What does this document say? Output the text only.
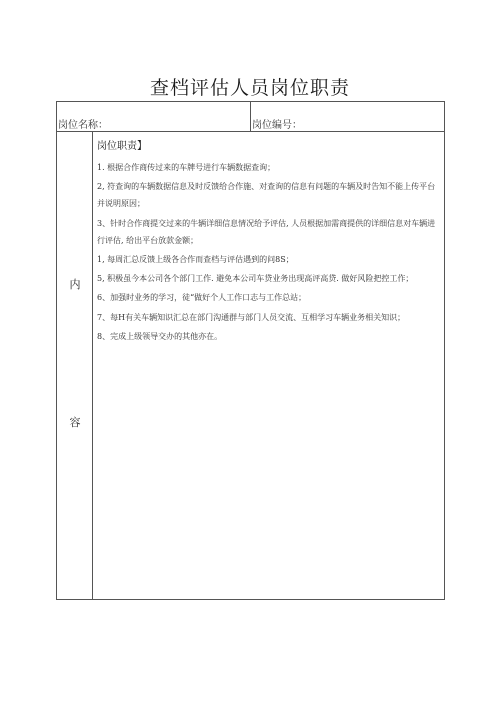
查档评估人员岗位职责
岗位名称：	岗位编号：
内
容
岗位职责】
1. 根据合作商传过来的车牌号进行车辆数据查询；
2, 符查询的车辆数据信息及时反馈给合作施、对查询的信息有问题的车辆及时告知不能上传平台并说明原因；
3、针时合作商提交过来的牛辆详细信息情况给予评估, 人员根据加需商提供的详细信息对车辆进行评估, 给出平台放款金额；
1, 每周汇总反馈上级各合作而查档与评估遇到的问8S；
5, 积极虽今本公司各个部门工作. 避免本公司车贷业务出现高评高贷. 做好风险把控工作；
6、加强时业务的学习，徒“做好个人工作口志与工作总站；
7、每H有关车辆知识汇总在部门沟通群与部门人员交流、互相学习车辆业务相关知识；
8、完成上级领导交办的其他亦在。
